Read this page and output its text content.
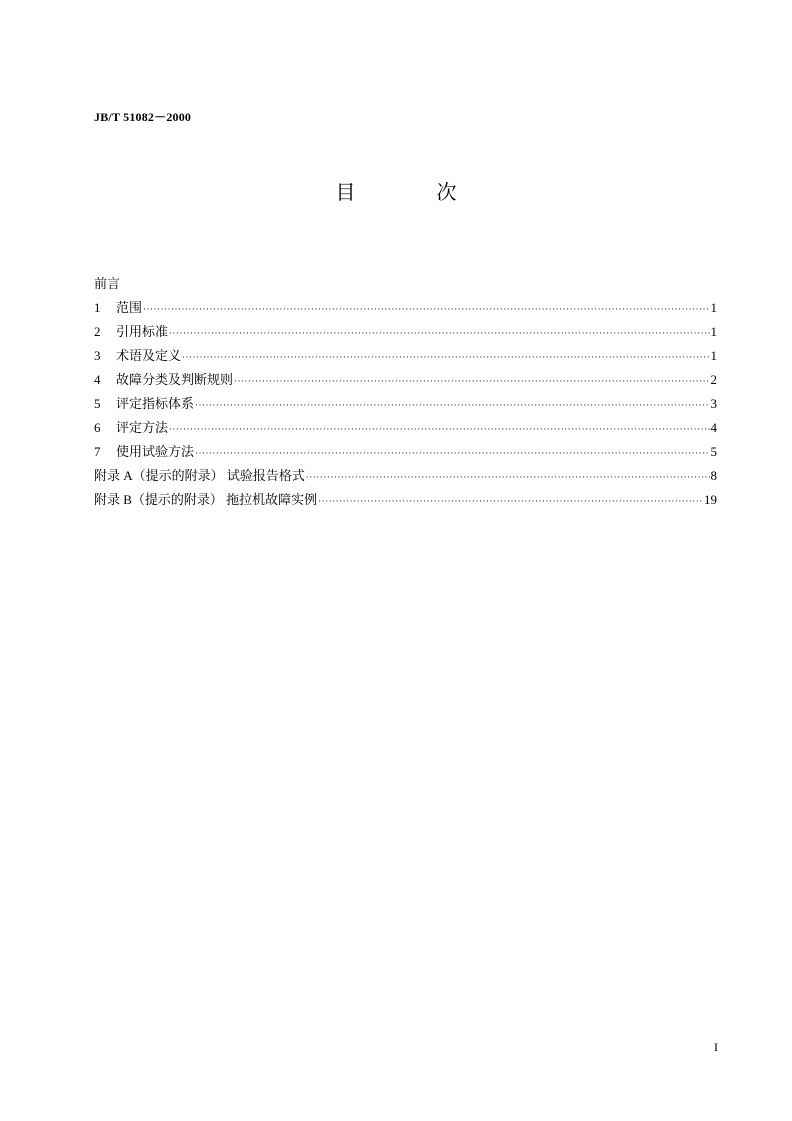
JB/T 51082－2000
目 次
前言
1	范围 ·····	1
2	引用标准 ·····	1
3	术语及定义 ·····	1
4	故障分类及判断规则 ·····	2
5	评定指标体系 ·····	3
6	评定方法 ·····	4
7	使用试验方法 ·····	5
附录 A（提示的附录） 试验报告格式 ·····	8
附录 B（提示的附录） 拖拉机故障实例 ·····	19
I
